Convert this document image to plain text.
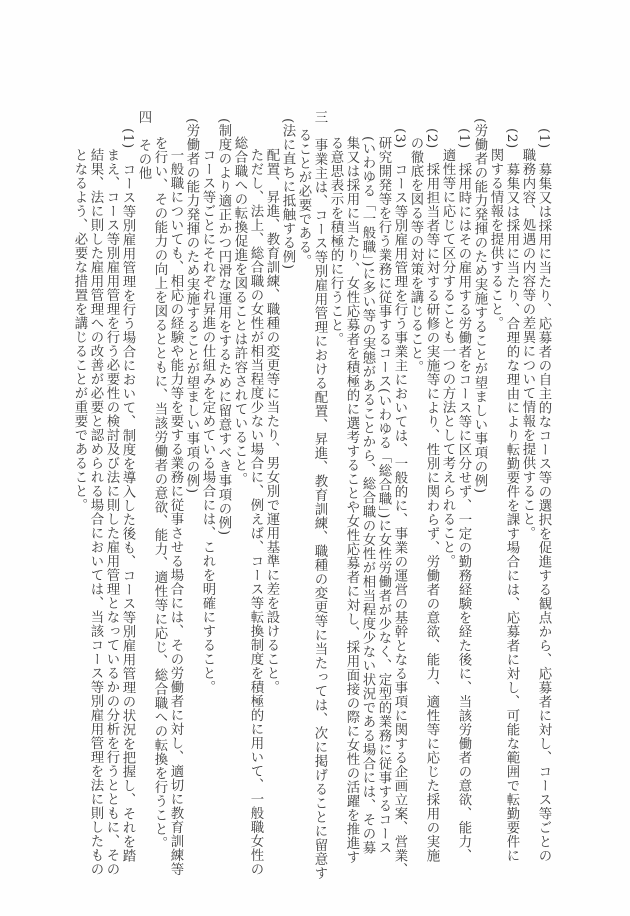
(1)　募集又は採用に当たり、応募者の自主的なコース等の選択を促進する観点から、応募者に対し、コース等ごとの
職務内容、処遇の内容等の差異について情報を提供すること。
(2)　募集又は採用に当たり、合理的な理由により転勤要件を課す場合には、応募者に対し、可能な範囲で転勤要件に
関する情報を提供すること。
(労働者の能力発揮のため実施することが望ましい事項の例)
(1)　採用時にはその雇用する労働者をコース等に区分せず、一定の勤務経験を経た後に、当該労働者の意欲、能力、
適性等に応じて区分することも一つの方法として考えられること。
(2)　採用担当者等に対する研修の実施等により、性別に関わらず、労働者の意欲、能力、適性等に応じた採用の実施
の徹底を図る等の対策を講じること。
(3)　コース等別雇用管理を行う事業主においては、一般的に、事業の運営の基幹となる事項に関する企画立案、営業、
研究開発等を行う業務に従事するコース(いわゆる「総合職」)に女性労働者が少なく、定型的業務に従事するコース
(いわゆる「一般職」)に多い等の実態があることから、総合職の女性が相当程度少ない状況である場合には、その募
集又は採用に当たり、女性応募者を積極的に選考することや女性応募者に対し、採用面接の際に女性の活躍を推進す
る意思表示を積極的に行うこと。
三　事業主は、コース等別雇用管理における配置、昇進、教育訓練、職種の変更等に当たっては、次に掲げることに留意す
ることが必要である。
(法に直ちに抵触する例)
配置、昇進、教育訓練、職種の変更等に当たり、男女別で運用基準に差を設けること。
ただし、法上、総合職の女性が相当程度少ない場合に、例えば、コース等転換制度を積極的に用いて、一般職女性の
総合職への転換促進を図ることは許容されていること。
(制度のより適正かつ円滑な運用をするために留意すべき事項の例)
コース等ごとにそれぞれ昇進の仕組みを定めている場合には、これを明確にすること。
(労働者の能力発揮のため実施することが望ましい事項の例)
一般職についても、相応の経験や能力等を要する業務に従事させる場合には、その労働者に対し、適切に教育訓練等
を行い、その能力の向上を図るとともに、当該労働者の意欲、能力、適性等に応じ、総合職への転換を行うこと。
四　その他
(1)　コース等別雇用管理を行う場合において、制度を導入した後も、コース等別雇用管理の状況を把握し、それを踏
まえ、コース等別雇用管理を行う必要性の検討及び法に則した雇用管理となっているかの分析を行うとともに、その
結果、法に則した雇用管理への改善が必要と認められる場合においては、当該コース等別雇用管理を法に則したもの
となるよう、必要な措置を講じることが重要であること。
